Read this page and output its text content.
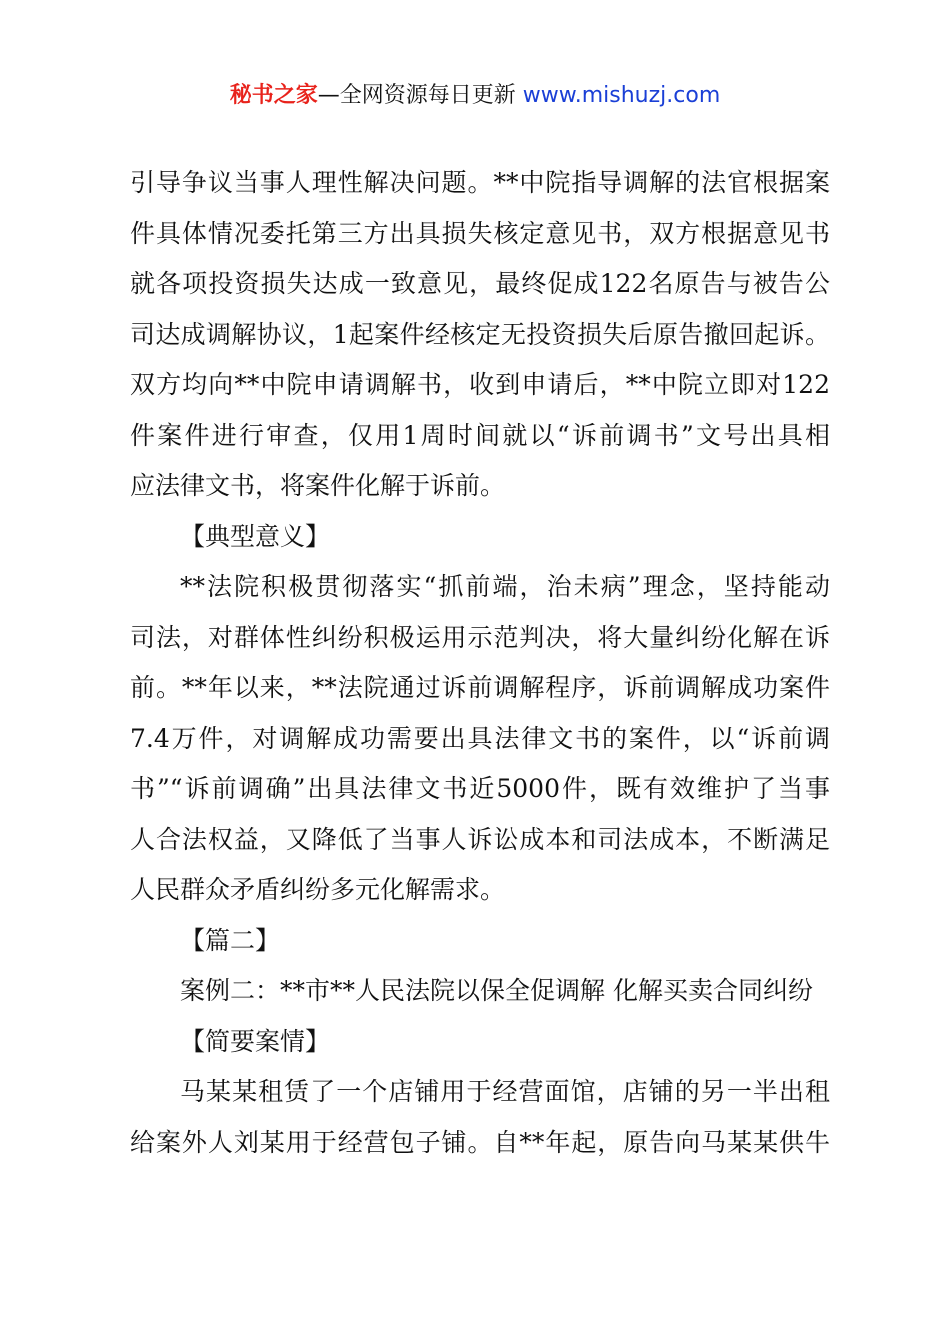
秘书之家—全网资源每日更新 www.mishuzj.com
引导争议当事人理性解决问题。**中院指导调解的法官根据案
件具体情况委托第三方出具损失核定意见书，双方根据意见书
就各项投资损失达成一致意见，最终促成122名原告与被告公
司达成调解协议，1起案件经核定无投资损失后原告撤回起诉。
双方均向**中院申请调解书，收到申请后，**中院立即对122
件案件进行审查，仅用1周时间就以“诉前调书”文号出具相
应法律文书，将案件化解于诉前。
【典型意义】
**法院积极贯彻落实“抓前端，治未病”理念，坚持能动
司法，对群体性纠纷积极运用示范判决，将大量纠纷化解在诉
前。**年以来，**法院通过诉前调解程序，诉前调解成功案件
7.4万件，对调解成功需要出具法律文书的案件，以“诉前调
书”“诉前调确”出具法律文书近5000件，既有效维护了当事
人合法权益，又降低了当事人诉讼成本和司法成本，不断满足
人民群众矛盾纠纷多元化解需求。
【篇二】
案例二：**市**人民法院以保全促调解 化解买卖合同纠纷
【简要案情】
马某某租赁了一个店铺用于经营面馆，店铺的另一半出租
给案外人刘某用于经营包子铺。自**年起，原告向马某某供牛
